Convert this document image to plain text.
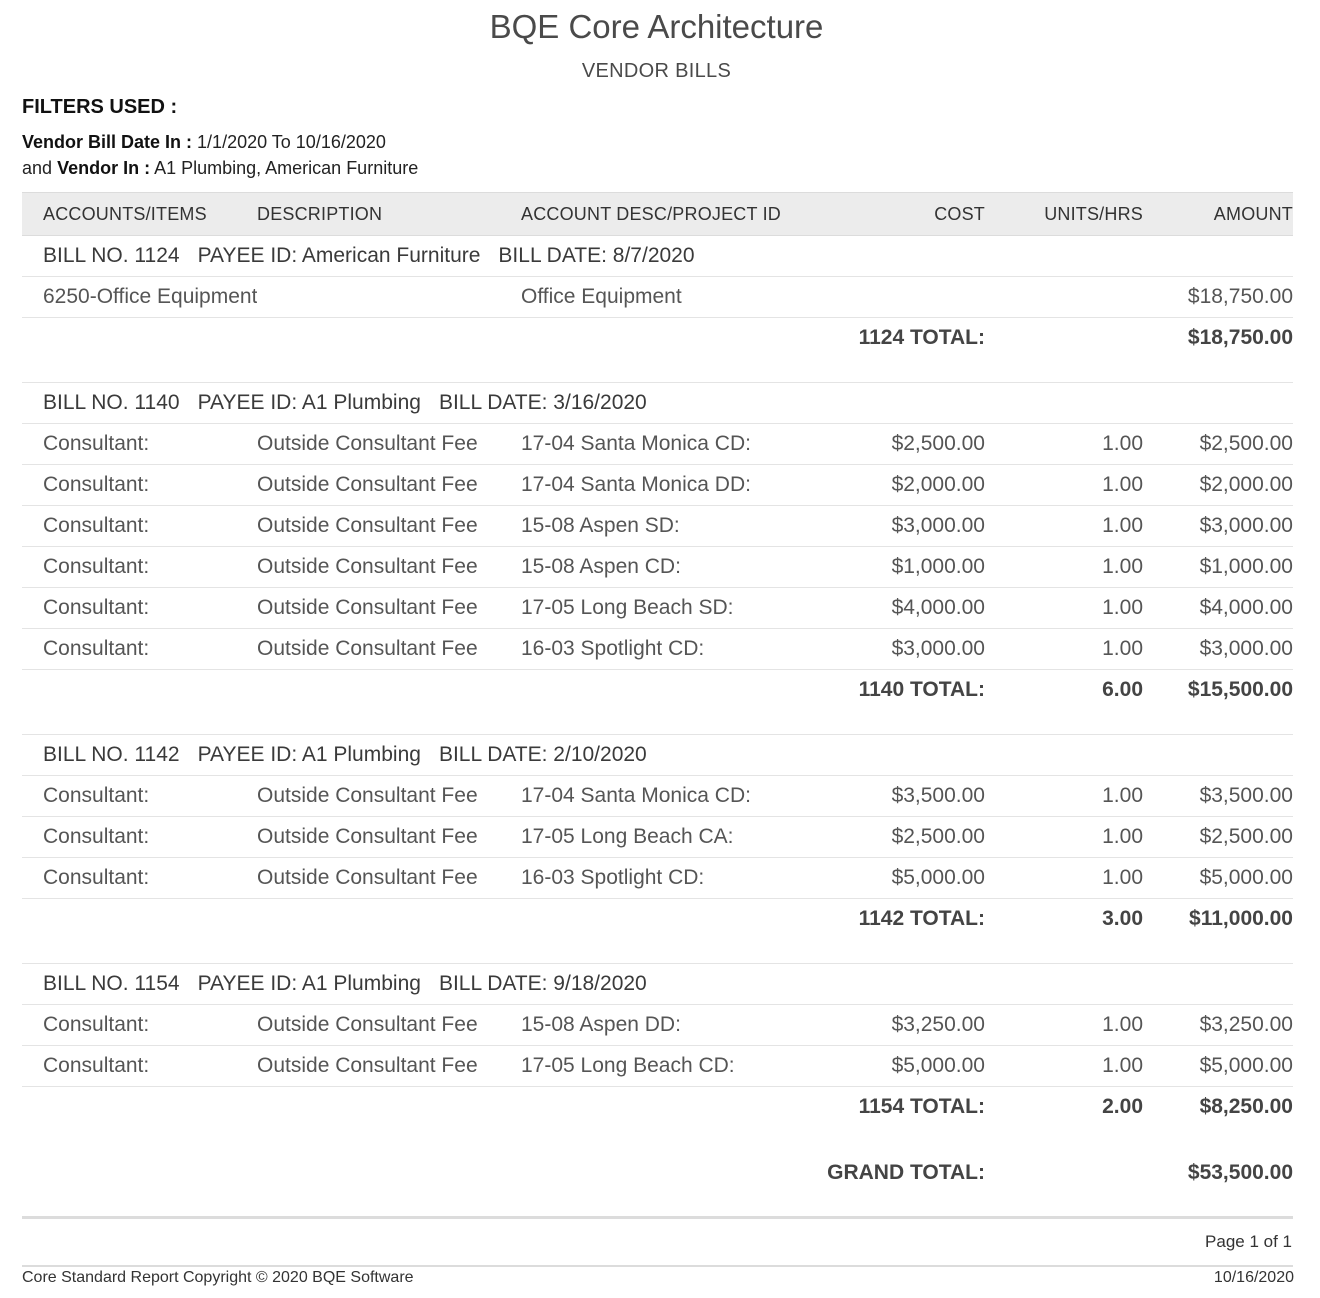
BQE Core Architecture
VENDOR BILLS
FILTERS USED :
Vendor Bill Date In : 1/1/2020 To 10/16/2020
and Vendor In : A1 Plumbing, American Furniture
ACCOUNTS/ITEMS	DESCRIPTION	ACCOUNT DESC/PROJECT ID	COST	UNITS/HRS	AMOUNT
BILL NO. 1124 PAYEE ID: American Furniture BILL DATE: 8/7/2020					
6250-Office Equipment		Office Equipment			$18,750.00
1124 TOTAL:					$18,750.00

BILL NO. 1140 PAYEE ID: A1 Plumbing BILL DATE: 3/16/2020					
Consultant:	Outside Consultant Fee	17-04 Santa Monica CD:	$2,500.00	1.00	$2,500.00
Consultant:	Outside Consultant Fee	17-04 Santa Monica DD:	$2,000.00	1.00	$2,000.00
Consultant:	Outside Consultant Fee	15-08 Aspen SD:	$3,000.00	1.00	$3,000.00
Consultant:	Outside Consultant Fee	15-08 Aspen CD:	$1,000.00	1.00	$1,000.00
Consultant:	Outside Consultant Fee	17-05 Long Beach SD:	$4,000.00	1.00	$4,000.00
Consultant:	Outside Consultant Fee	16-03 Spotlight CD:	$3,000.00	1.00	$3,000.00
1140 TOTAL:				6.00	$15,500.00

BILL NO. 1142 PAYEE ID: A1 Plumbing BILL DATE: 2/10/2020					
Consultant:	Outside Consultant Fee	17-04 Santa Monica CD:	$3,500.00	1.00	$3,500.00
Consultant:	Outside Consultant Fee	17-05 Long Beach CA:	$2,500.00	1.00	$2,500.00
Consultant:	Outside Consultant Fee	16-03 Spotlight CD:	$5,000.00	1.00	$5,000.00
1142 TOTAL:				3.00	$11,000.00

BILL NO. 1154 PAYEE ID: A1 Plumbing BILL DATE: 9/18/2020					
Consultant:	Outside Consultant Fee	15-08 Aspen DD:	$3,250.00	1.00	$3,250.00
Consultant:	Outside Consultant Fee	17-05 Long Beach CD:	$5,000.00	1.00	$5,000.00
1154 TOTAL:				2.00	$8,250.00

GRAND TOTAL:					$53,500.00
Page 1 of 1
Core Standard Report Copyright © 2020 BQE Software	10/16/2020
